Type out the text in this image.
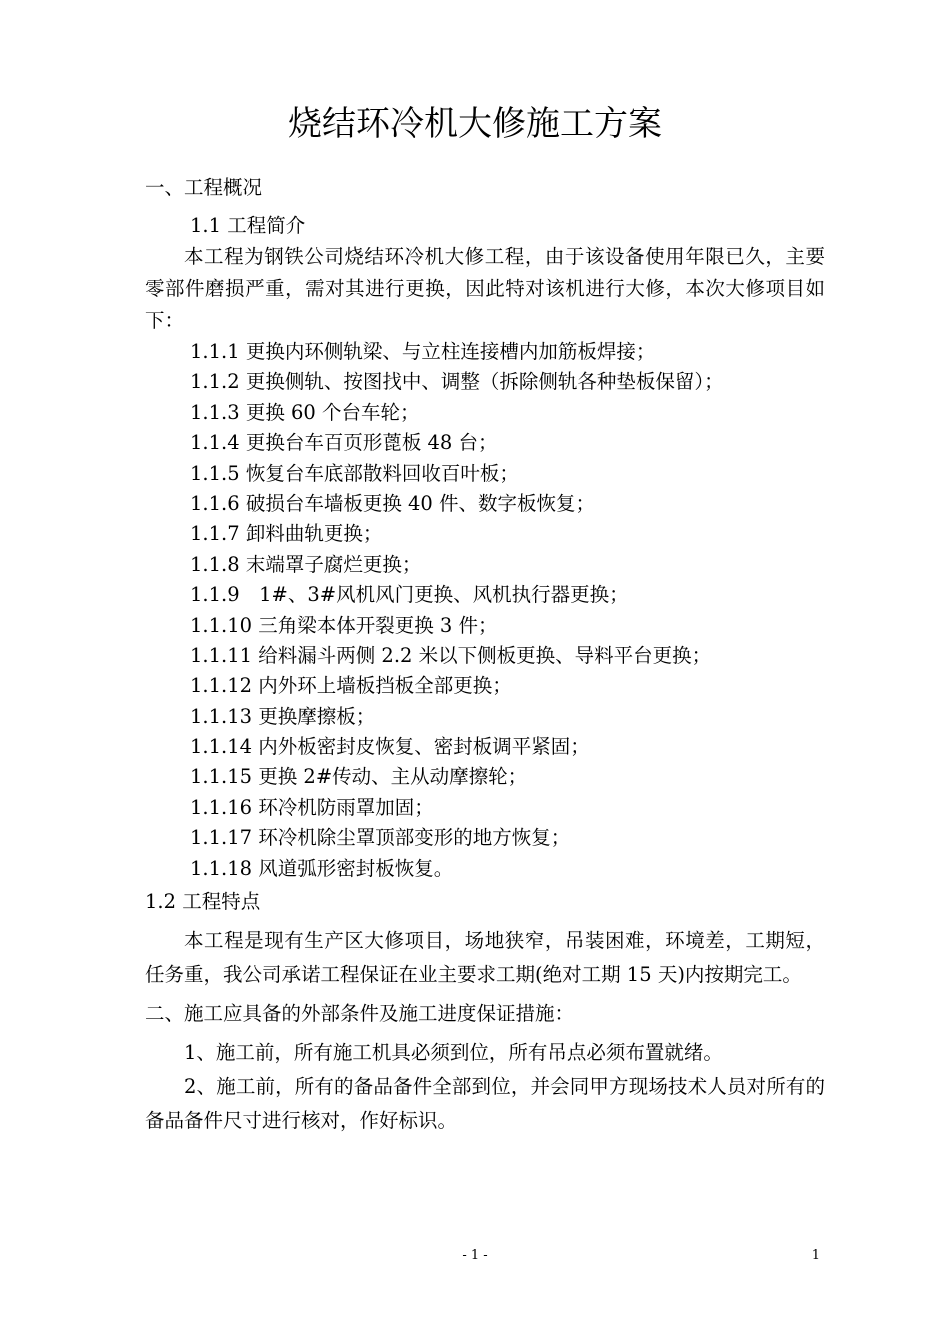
烧结环冷机大修施工方案
一、工程概况
1.1 工程简介

本工程为钢铁公司烧结环冷机大修工程，由于该设备使用年限已久，主要零部件磨损严重，需对其进行更换，因此特对该机进行大修，本次大修项目如下：

1.1.1 更换内环侧轨梁、与立柱连接槽内加筋板焊接；
1.1.2 更换侧轨、按图找中、调整（拆除侧轨各种垫板保留）；
1.1.3 更换 60 个台车轮；
1.1.4 更换台车百页形蓖板 48 台；
1.1.5 恢复台车底部散料回收百叶板；
1.1.6 破损台车墙板更换 40 件、数字板恢复；
1.1.7 卸料曲轨更换；
1.1.8 末端罩子腐烂更换；
1.1.9　1#、3#风机风门更换、风机执行器更换；
1.1.10 三角梁本体开裂更换 3 件；
1.1.11 给料漏斗两侧 2.2 米以下侧板更换、导料平台更换；
1.1.12 内外环上墙板挡板全部更换；
1.1.13 更换摩擦板；
1.1.14 内外板密封皮恢复、密封板调平紧固；
1.1.15 更换 2#传动、主从动摩擦轮；
1.1.16 环冷机防雨罩加固；
1.1.17 环冷机除尘罩顶部变形的地方恢复；
1.1.18 风道弧形密封板恢复。
1.2 工程特点

本工程是现有生产区大修项目，场地狭窄，吊装困难，环境差，工期短，任务重，我公司承诺工程保证在业主要求工期(绝对工期 15 天)内按期完工。

二、施工应具备的外部条件及施工进度保证措施：

1、施工前，所有施工机具必须到位，所有吊点必须布置就绪。

2、施工前，所有的备品备件全部到位，并会同甲方现场技术人员对所有的备品备件尺寸进行核对，作好标识。

- 1 -	1
